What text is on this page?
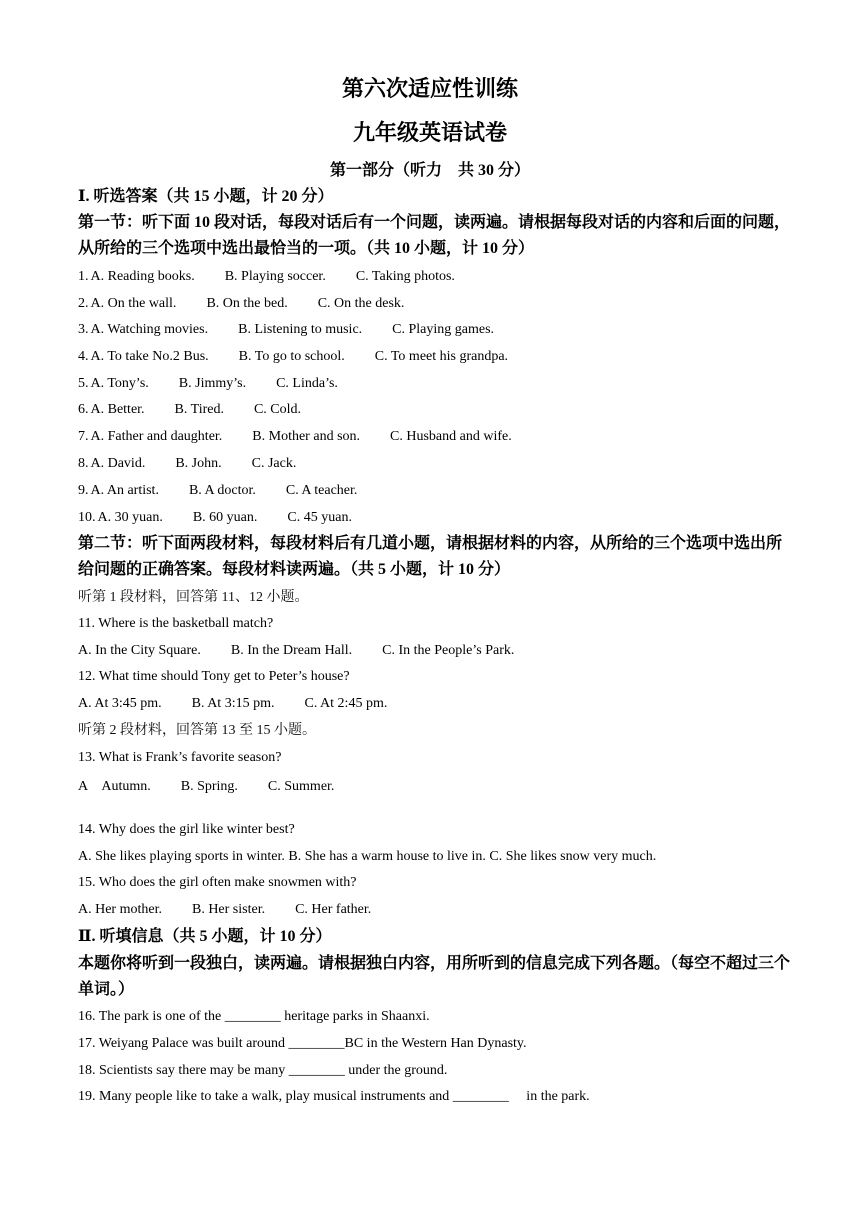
第六次适应性训练
九年级英语试卷
第一部分（听力　共 30 分）
Ⅰ. 听选答案（共 15 小题，计 20 分）
第一节：听下面 10 段对话，每段对话后有一个问题，读两遍。请根据每段对话的内容和后面的问题，从所给的三个选项中选出最恰当的一项。（共 10 小题，计 10 分）
1. A. Reading books. B. Playing soccer. C. Taking photos.
2. A. On the wall. B. On the bed. C. On the desk.
3. A. Watching movies. B. Listening to music. C. Playing games.
4. A. To take No.2 Bus. B. To go to school. C. To meet his grandpa.
5. A. Tony’s. B. Jimmy’s. C. Linda’s.
6. A. Better. B. Tired. C. Cold.
7. A. Father and daughter. B. Mother and son. C. Husband and wife.
8. A. David. B. John. C. Jack.
9. A. An artist. B. A doctor. C. A teacher.
10. A. 30 yuan. B. 60 yuan. C. 45 yuan.
第二节：听下面两段材料，每段材料后有几道小题，请根据材料的内容，从所给的三个选项中选出所给问题的正确答案。每段材料读两遍。（共 5 小题，计 10 分）
听第 1 段材料，回答第 11、12 小题。
11. Where is the basketball match?
A. In the City Square. B. In the Dream Hall. C. In the People’s Park.
12. What time should Tony get to Peter’s house?
A. At 3:45 pm. B. At 3:15 pm. C. At 2:45 pm.
听第 2 段材料，回答第 13 至 15 小题。
13. What is Frank’s favorite season?
A　Autumn. B. Spring. C. Summer.
14. Why does the girl like winter best?
A. She likes playing sports in winter. B. She has a warm house to live in. C. She likes snow very much.
15. Who does the girl often make snowmen with?
A. Her mother. B. Her sister. C. Her father.
Ⅱ. 听填信息（共 5 小题，计 10 分）
本题你将听到一段独白，读两遍。请根据独白内容，用所听到的信息完成下列各题。（每空不超过三个单词。）
16. The park is one of the ________ heritage parks in Shaanxi.
17. Weiyang Palace was built around ________BC in the Western Han Dynasty.
18. Scientists say there may be many ________ under the ground.
19. Many people like to take a walk, play musical instruments and ________　 in the park.
